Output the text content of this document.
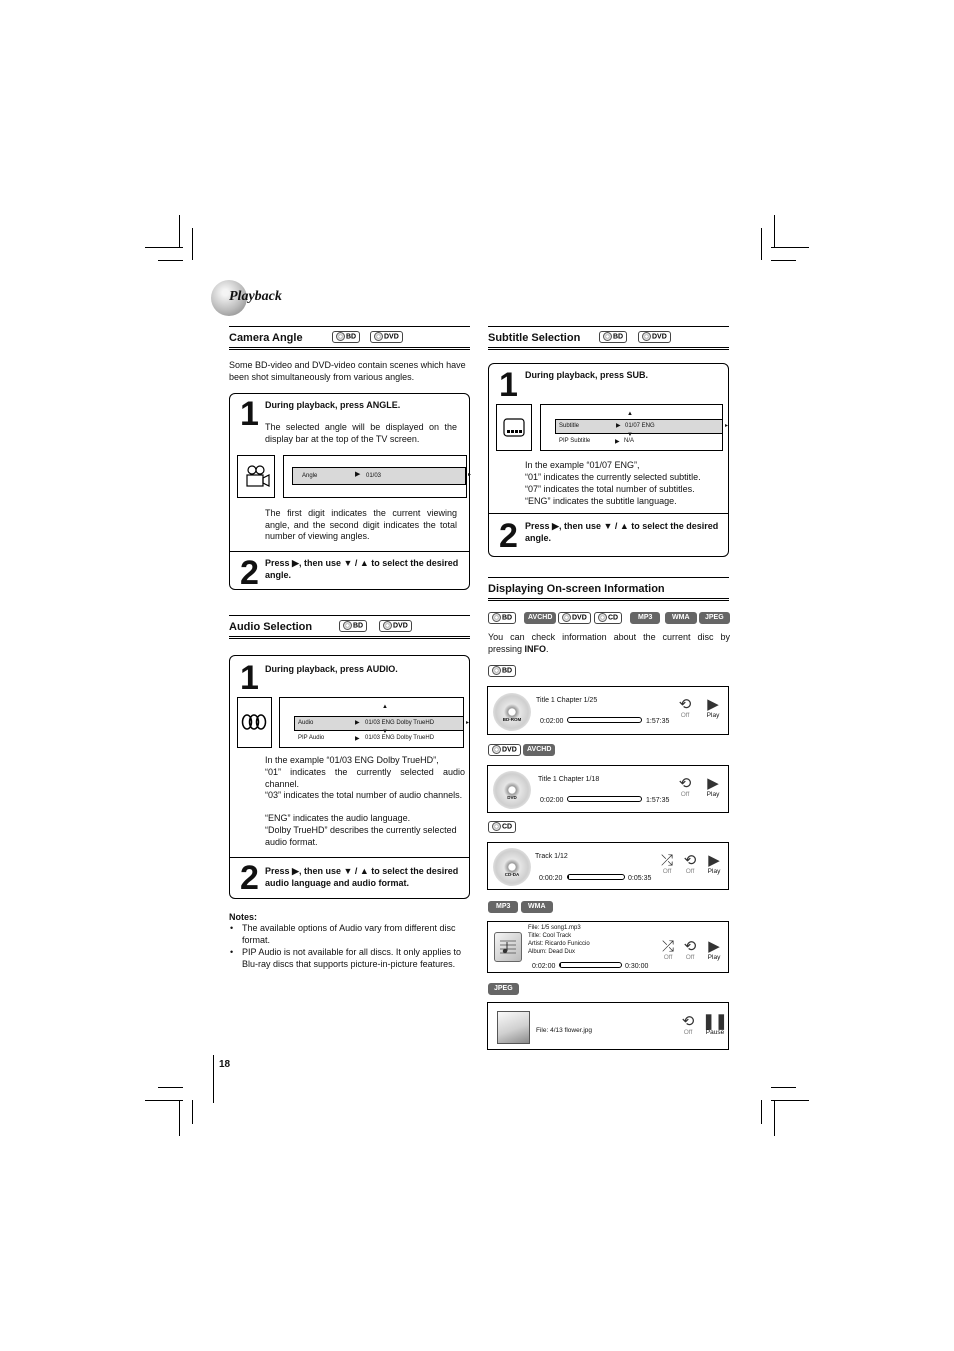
Playback
Camera Angle	BD	DVD
Some BD-video and DVD-video contain scenes which have been shot simultaneously from various angles.
1 During playback, press ANGLE.
The selected angle will be displayed on the display bar at the top of the TV screen.
Angle	01/03
▶	▸
The first digit indicates the current viewing angle, and the second digit indicates the total number of viewing angles.
2 Press ▶, then use ▼ / ▲ to select the desired angle.
Audio Selection	BD	DVD
1 During playback, press AUDIO.
▲
Audio	▶ 01/03 ENG Dolby TrueHD	▸
▼
PIP Audio	▶ 01/03 ENG Dolby TrueHD
In the example “01/03 ENG Dolby TrueHD”,
“01” indicates the currently selected audio channel.
“03” indicates the total number of audio channels.
“ENG” indicates the audio language.
“Dolby TrueHD” describes the currently selected audio format.
2 Press ▶, then use ▼ / ▲ to select the desired audio language and audio format.
Notes:
• The available options of Audio vary from different disc format.
• PIP Audio is not available for all discs. It only applies to Blu-ray discs that supports picture-in-picture features.
18
Subtitle Selection	BD	DVD
1 During playback, press SUB.
▲
Subtitle	▶ 01/07 ENG	▸
▼
PIP Subtitle	▶ N/A
In the example “01/07 ENG”,
“01” indicates the currently selected subtitle.
“07” indicates the total number of subtitles.
“ENG” indicates the subtitle language.
2 Press ▶, then use ▼ / ▲ to select the desired angle.
Displaying On-screen Information
BD	AVCHD	DVD	CD	MP3	WMA	JPEG
You can check information about the current disc by pressing INFO.
BD
BD-ROM
Title 1 Chapter 1/25
0:02:00	1:57:35
⟲
Off
▶
Play
DVD	AVCHD
DVD
Title 1 Chapter 1/18
0:02:00	1:57:35
⟲
Off
▶
Play
CD
CD-DA
Track 1/12
0:00:20	0:05:35
⤮
Off
⟲
Off
▶
Play
MP3	WMA
File: 1/5 song1.mp3
Title: Cool Track
Artist: Ricardo Funiccio
Album: Dead Dux
0:02:00	0:30:00
⤮
Off
⟲
Off
▶
Play
JPEG
File: 4/13 flower.jpg
⟲
Off
❚❚
Pause
